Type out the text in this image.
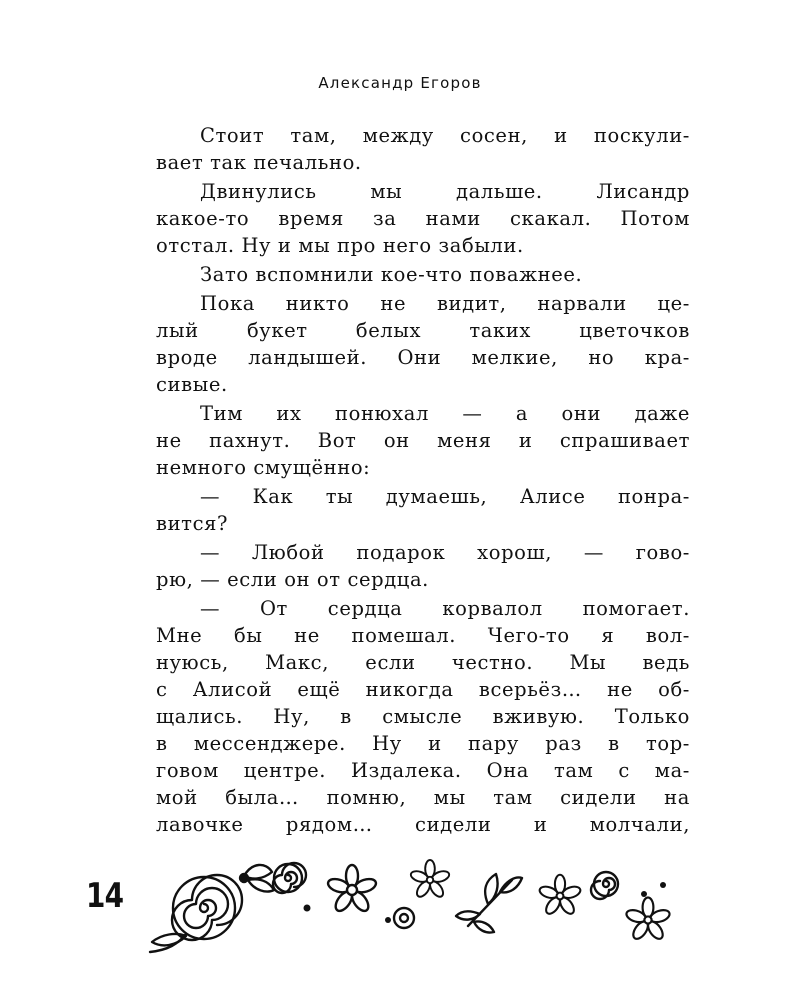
Александр Егоров
Стоит там, между сосен, и поскули-
вает так печально.
Двинулись мы дальше. Лисандр
какое-то время за нами скакал. Потом
отстал. Ну и мы про него забыли.
Зато вспомнили кое-что поважнее.
Пока никто не видит, нарвали це-
лый букет белых таких цветочков
вроде ландышей. Они мелкие, но кра-
сивые.
Тим их понюхал — а они даже
не пахнут. Вот он меня и спрашивает
немного смущённо:
— Как ты думаешь, Алисе понра-
вится?
— Любой подарок хорош, — гово-
рю, — если он от сердца.
— От сердца корвалол помогает.
Мне бы не помешал. Чего-то я вол-
нуюсь, Макс, если честно. Мы ведь
с Алисой ещё никогда всерьёз… не об-
щались. Ну, в смысле вживую. Только
в мессенджере. Ну и пару раз в тор-
говом центре. Издалека. Она там с ма-
мой была… помню, мы там сидели на
лавочке рядом… сидели и молчали,
14
